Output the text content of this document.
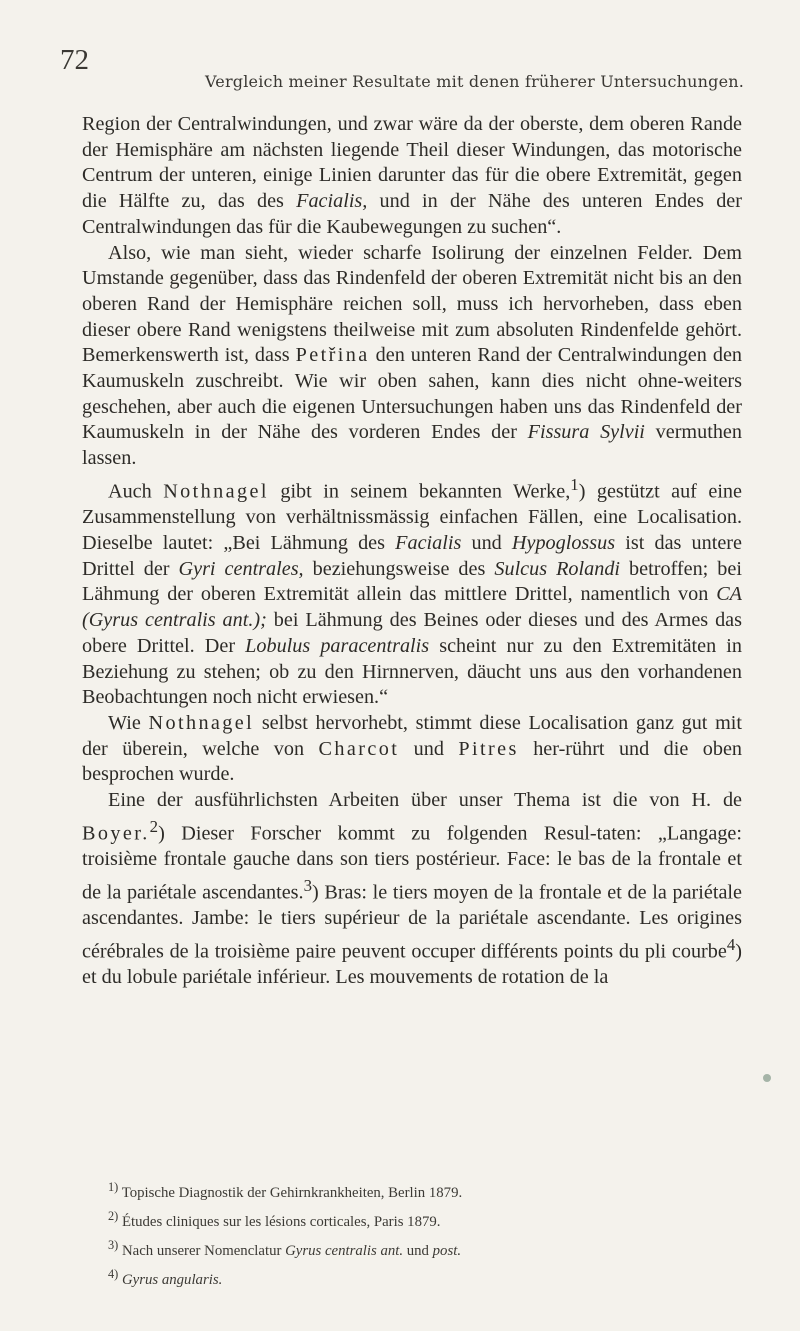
72
Vergleich meiner Resultate mit denen früherer Untersuchungen.

Region der Centralwindungen, und zwar wäre da der oberste, dem oberen Rande der Hemisphäre am nächsten liegende Theil dieser Windungen, das motorische Centrum der unteren, einige Linien darunter das für die obere Extremität, gegen die Hälfte zu, das des Facialis, und in der Nähe des unteren Endes der Centralwindungen das für die Kaubewegungen zu suchen“.

Also, wie man sieht, wieder scharfe Isolirung der einzelnen Felder. Dem Umstande gegenüber, dass das Rindenfeld der oberen Extremität nicht bis an den oberen Rand der Hemisphäre reichen soll, muss ich hervorheben, dass eben dieser obere Rand wenigstens theilweise mit zum absoluten Rindenfelde gehört. Bemerkenswerth ist, dass Petřina den unteren Rand der Centralwindungen den Kaumuskeln zuschreibt. Wie wir oben sahen, kann dies nicht ohne-weiters geschehen, aber auch die eigenen Untersuchungen haben uns das Rindenfeld der Kaumuskeln in der Nähe des vorderen Endes der Fissura Sylvii vermuthen lassen.

Auch Nothnagel gibt in seinem bekannten Werke,$^1$) gestützt auf eine Zusammenstellung von verhältnissmässig einfachen Fällen, eine Localisation. Dieselbe lautet: „Bei Lähmung des Facialis und Hypoglossus ist das untere Drittel der Gyri centrales, beziehungsweise des Sulcus Rolandi betroffen; bei Lähmung der oberen Extremität allein das mittlere Drittel, namentlich von CA (Gyrus centralis ant.); bei Lähmung des Beines oder dieses und des Armes das obere Drittel. Der Lobulus paracentralis scheint nur zu den Extremitäten in Beziehung zu stehen; ob zu den Hirnnerven, däucht uns aus den vorhandenen Beobachtungen noch nicht erwiesen.“

Wie Nothnagel selbst hervorhebt, stimmt diese Localisation ganz gut mit der überein, welche von Charcot und Pitres her-rührt und die oben besprochen wurde.

Eine der ausführlichsten Arbeiten über unser Thema ist die von H. de Boyer.$^2$) Dieser Forscher kommt zu folgenden Resul-taten: „Langage: troisième frontale gauche dans son tiers postérieur. Face: le bas de la frontale et de la pariétale ascendantes.$^3$) Bras: le tiers moyen de la frontale et de la pariétale ascendantes. Jambe: le tiers supérieur de la pariétale ascendante. Les origines cérébrales de la troisième paire peuvent occuper différents points du pli courbe$^4$) et du lobule pariétale inférieur. Les mouvements de rotation de la

$^{1)}$ Topische Diagnostik der Gehirnkrankheiten, Berlin 1879.
$^{2)}$ Études cliniques sur les lésions corticales, Paris 1879.
$^{3)}$ Nach unserer Nomenclatur Gyrus centralis ant. und post.
$^{4)}$ Gyrus angularis.
